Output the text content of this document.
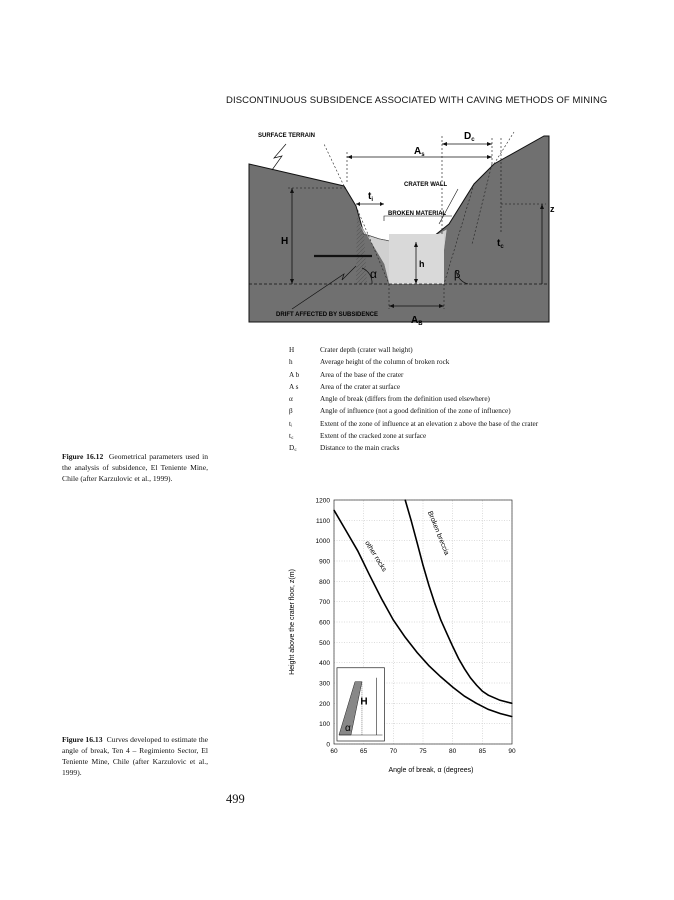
DISCONTINUOUS SUBSIDENCE ASSOCIATED WITH CAVING METHODS OF MINING
SURFACE TERRAIN	$D_c$
$A_s$
CRATER WALL
$t_i$
BROKEN MATERIAL	z
H	$t_c$
h
α	β
DRIFT AFFECTED BY SUBSIDENCE	$A_B$
H	Crater depth (crater wall height)
h	Average height of the column of broken rock
A b	Area of the base of the crater
A s	Area of the crater at surface
α	Angle of break (differs from the definition used elsewhere)
β	Angle of influence (not a good definition of the zone of influence)
tᵢ	Extent of the zone of influence at an elevation z above the base of the crater
t꜀	Extent of the cracked zone at surface
D꜀	Distance to the main cracks
Figure 16.12 Geometrical parameters used in the analysis of subsidence, El Teniente Mine, Chile (after Karzulovic et al., 1999).
0
100
200
300
400
500
600
700
800
900
1000
1100
1200
60	65	70	75	80	85	90
H
α
other rocks
Broken breccia
Angle of break, α (degrees)
Height above the crater floor, z(m)
Figure 16.13 Curves developed to estimate the angle of break, Ten 4 – Regimiento Sector, El Teniente Mine, Chile (after Karzulovic et al., 1999).
499
